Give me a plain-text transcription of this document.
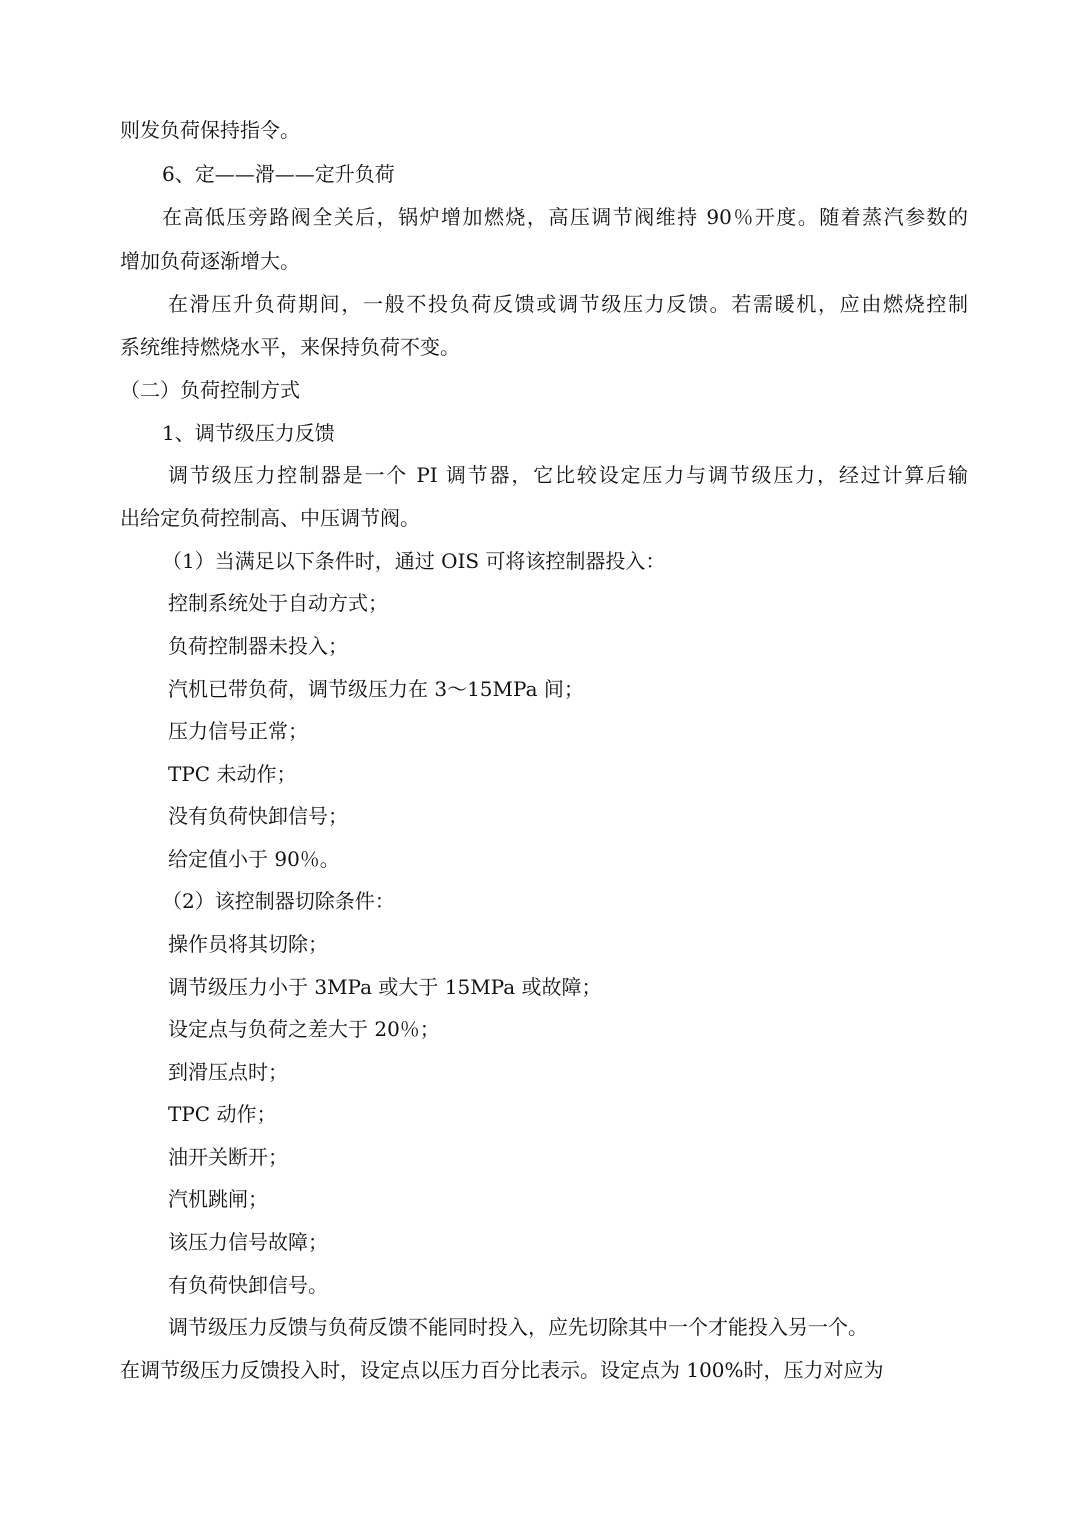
则发负荷保持指令。
6、定——滑——定升负荷
在高低压旁路阀全关后，锅炉增加燃烧，高压调节阀维持 90％开度。随着蒸汽参数的
增加负荷逐渐增大。
在滑压升负荷期间，一般不投负荷反馈或调节级压力反馈。若需暖机，应由燃烧控制
系统维持燃烧水平，来保持负荷不变。
（二）负荷控制方式
1、调节级压力反馈
调节级压力控制器是一个 PI 调节器，它比较设定压力与调节级压力，经过计算后输
出给定负荷控制高、中压调节阀。
（1）当满足以下条件时，通过 OIS 可将该控制器投入：
控制系统处于自动方式；
负荷控制器未投入；
汽机已带负荷，调节级压力在 3～15MPa 间；
压力信号正常；
TPC 未动作；
没有负荷快卸信号；
给定值小于 90％。
（2）该控制器切除条件：
操作员将其切除；
调节级压力小于 3MPa 或大于 15MPa 或故障；
设定点与负荷之差大于 20％；
到滑压点时；
TPC 动作；
油开关断开；
汽机跳闸；
该压力信号故障；
有负荷快卸信号。
调节级压力反馈与负荷反馈不能同时投入，应先切除其中一个才能投入另一个。
在调节级压力反馈投入时，设定点以压力百分比表示。设定点为 100%时，压力对应为
